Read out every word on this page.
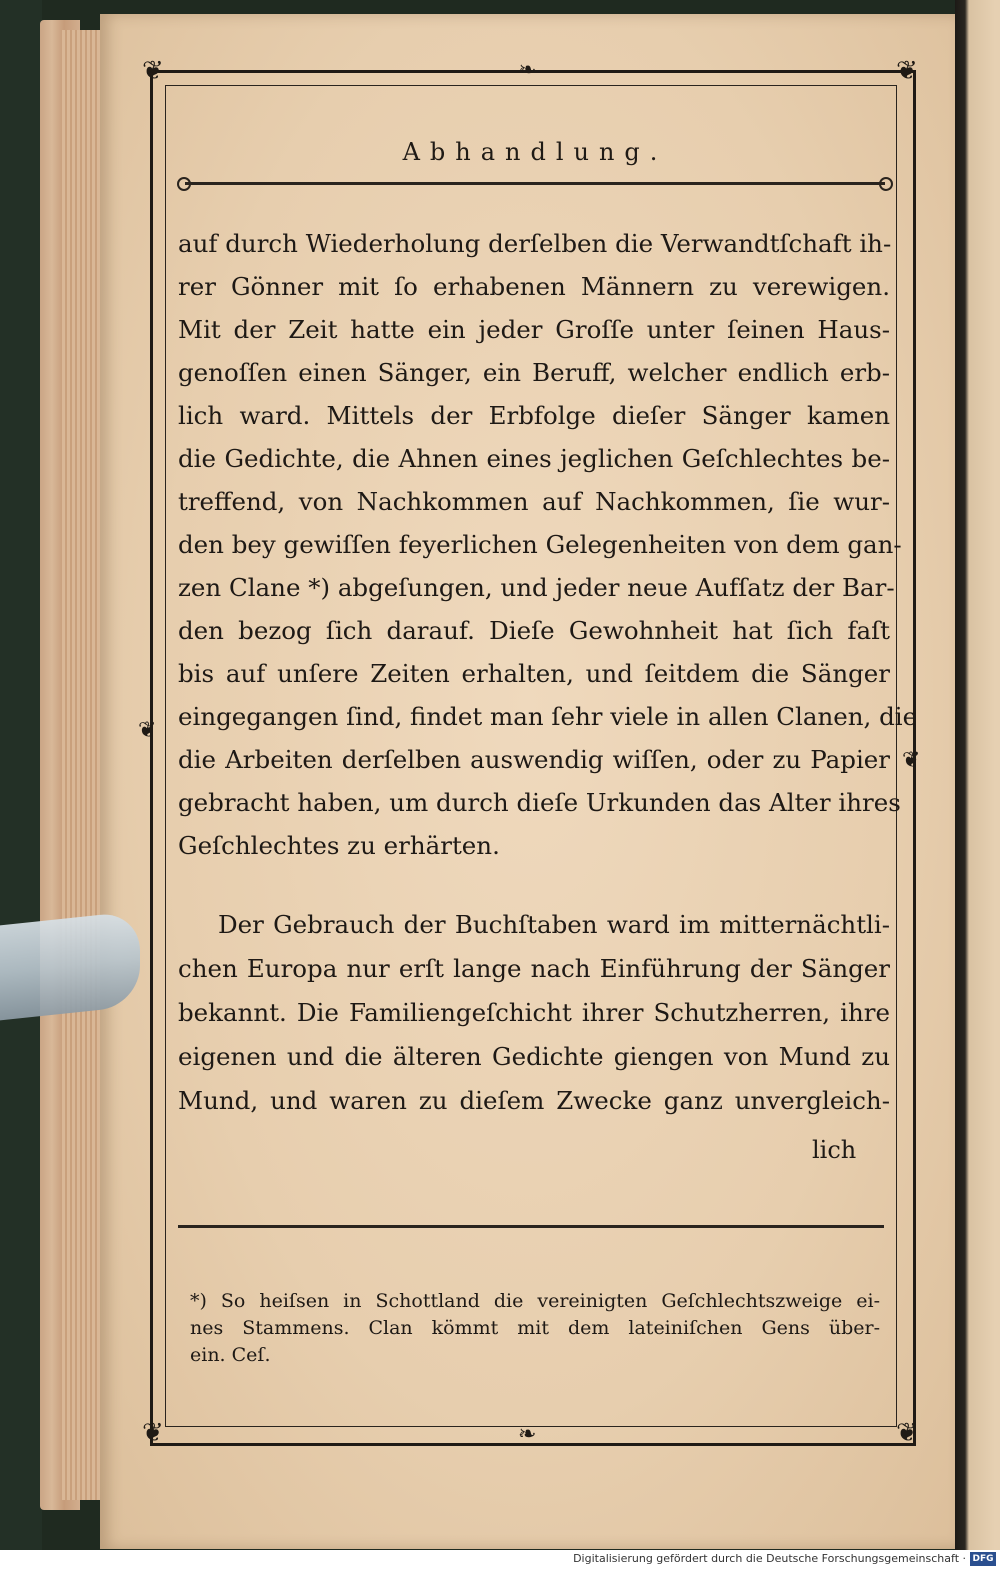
❦	❦
❦	❦
❧
❧
❦
❦
Abhandlung.
auf durch Wiederholung derſelben die Verwandtſchaft ih-
rer Gönner mit ſo erhabenen Männern zu verewigen.
Mit der Zeit hatte ein jeder Groſſe unter ſeinen Haus-
genoſſen einen Sänger, ein Beruff, welcher endlich erb-
lich ward. Mittels der Erbfolge dieſer Sänger kamen
die Gedichte, die Ahnen eines jeglichen Geſchlechtes be-
treffend, von Nachkommen auf Nachkommen, ſie wur-
den bey gewiſſen feyerlichen Gelegenheiten von dem gan-
zen Clane *) abgeſungen, und jeder neue Aufſatz der Bar-
den bezog ſich darauf. Dieſe Gewohnheit hat ſich faſt
bis auf unſere Zeiten erhalten, und ſeitdem die Sänger
eingegangen ſind, findet man ſehr viele in allen Clanen, die
die Arbeiten derſelben auswendig wiſſen, oder zu Papier
gebracht haben, um durch dieſe Urkunden das Alter ihres
Geſchlechtes zu erhärten.
Der Gebrauch der Buchſtaben ward im mitternächtli-
chen Europa nur erſt lange nach Einführung der Sänger
bekannt. Die Familiengeſchicht ihrer Schutzherren, ihre
eigenen und die älteren Gedichte giengen von Mund zu
Mund, und waren zu dieſem Zwecke ganz unvergleich-
lich
*) So heiſsen in Schottland die vereinigten Geſchlechtszweige ei-
nes Stammens. Clan kömmt mit dem lateiniſchen Gens über-
ein. Ceſ.
Digitalisierung gefördert durch die Deutsche Forschungsgemeinschaft · DFG
